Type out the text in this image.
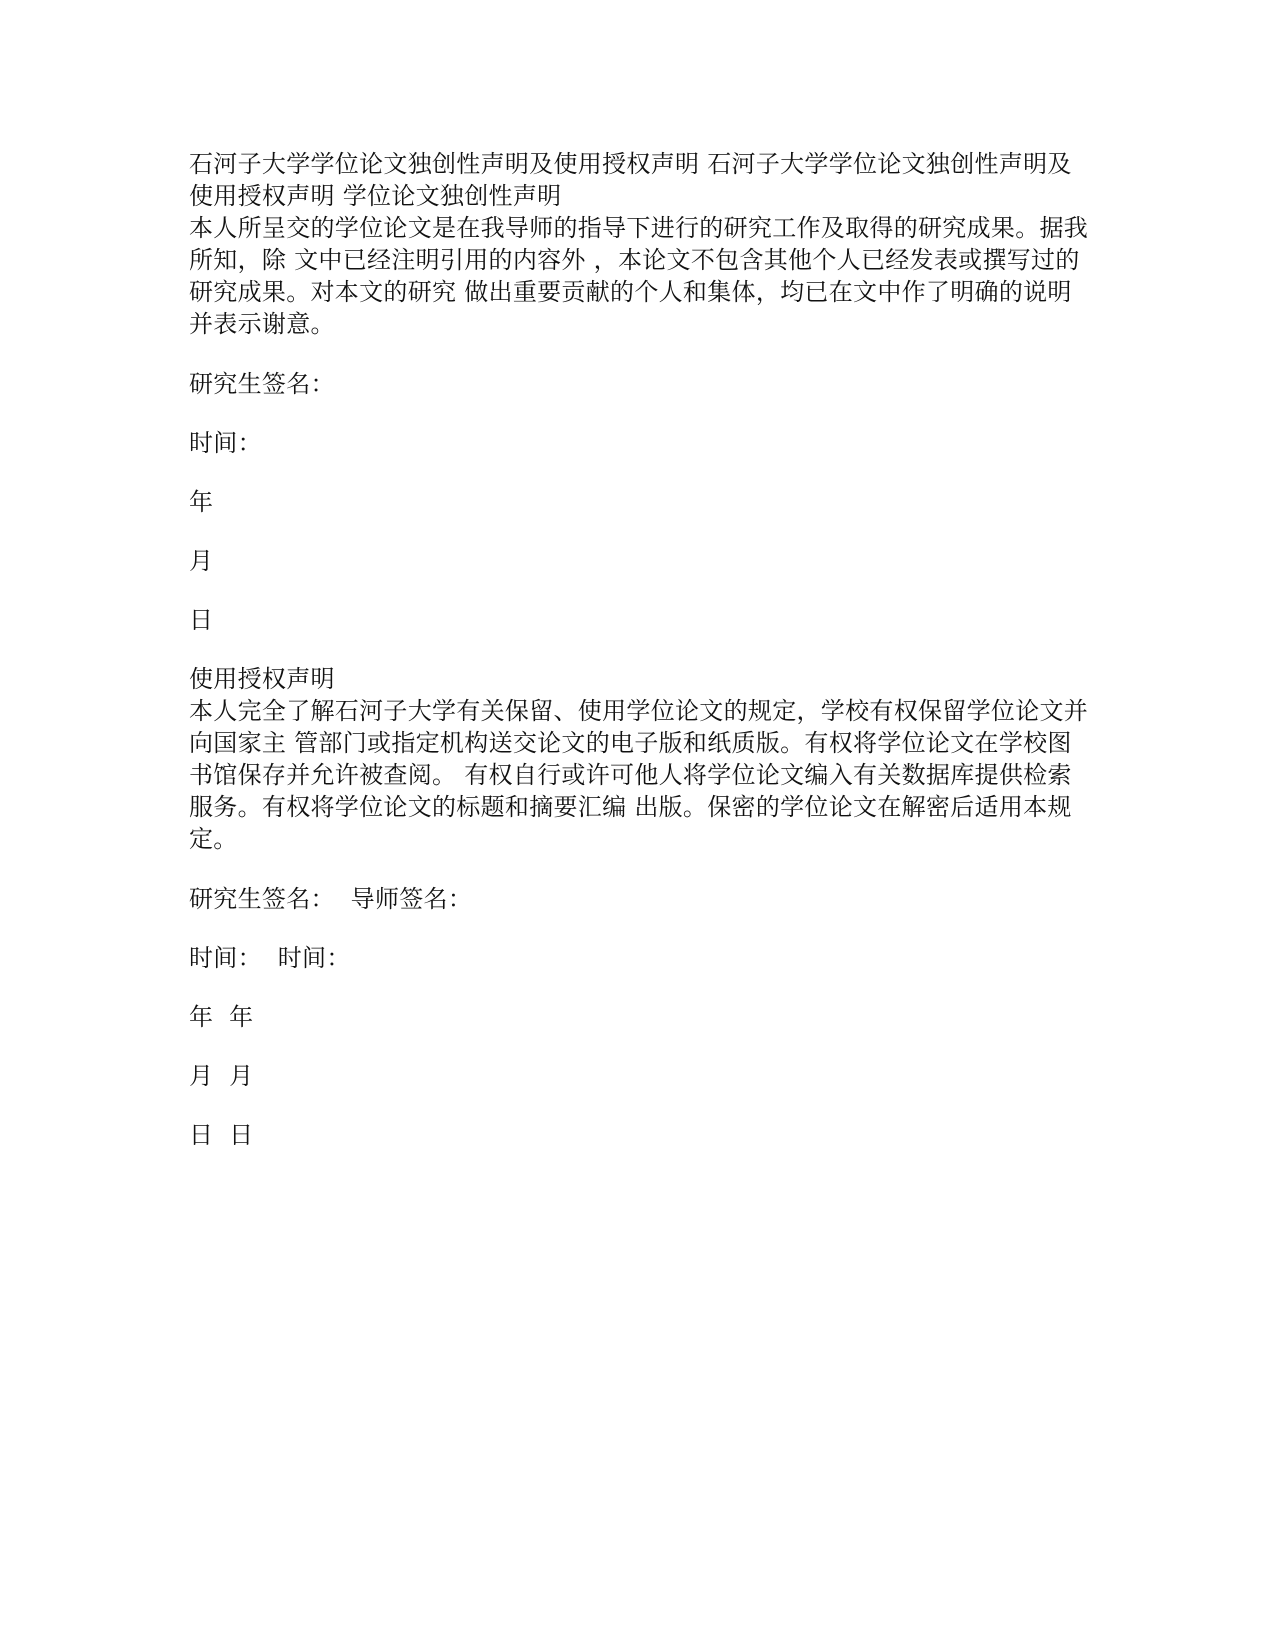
石河子大学学位论文独创性声明及使用授权声明 石河子大学学位论文独创性声明及使用授权声明 学位论文独创性声明

本人所呈交的学位论文是在我导师的指导下进行的研究工作及取得的研究成果。据我所知，除 文中已经注明引用的内容外 ，本论文不包含其他个人已经发表或撰写过的研究成果。对本文的研究 做出重要贡献的个人和集体，均已在文中作了明确的说明并表示谢意。

研究生签名：

时间：

年

月

日

使用授权声明

本人完全了解石河子大学有关保留、使用学位论文的规定，学校有权保留学位论文并向国家主 管部门或指定机构送交论文的电子版和纸质版。有权将学位论文在学校图书馆保存并允许被查阅。 有权自行或许可他人将学位论文编入有关数据库提供检索服务。有权将学位论文的标题和摘要汇编 出版。保密的学位论文在解密后适用本规定。

研究生签名：  导师签名：

时间：  时间：

年  年

月  月

日  日
